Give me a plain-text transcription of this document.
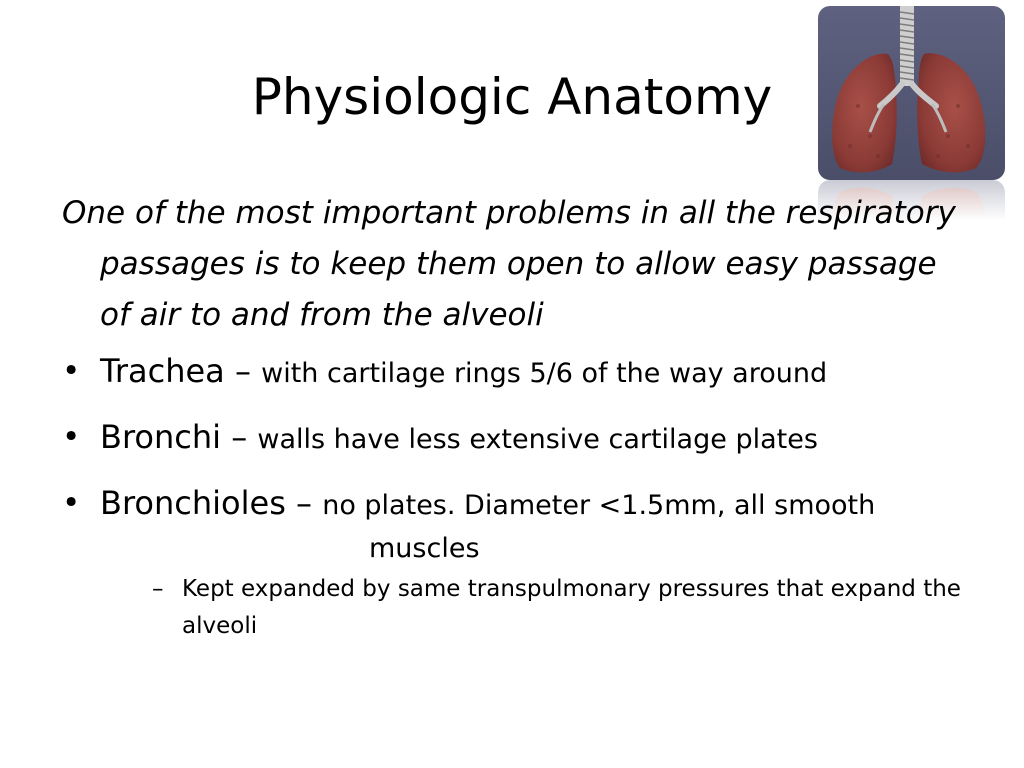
Physiologic Anatomy

One of the most important problems in all the respiratory passages is to keep them open to allow easy passage of air to and from the alveoli

• Trachea – with cartilage rings 5/6 of the way around
• Bronchi – walls have less extensive cartilage plates
• Bronchioles – no plates. Diameter <1.5mm, all smooth
muscles
– Kept expanded by same transpulmonary pressures that expand the alveoli
